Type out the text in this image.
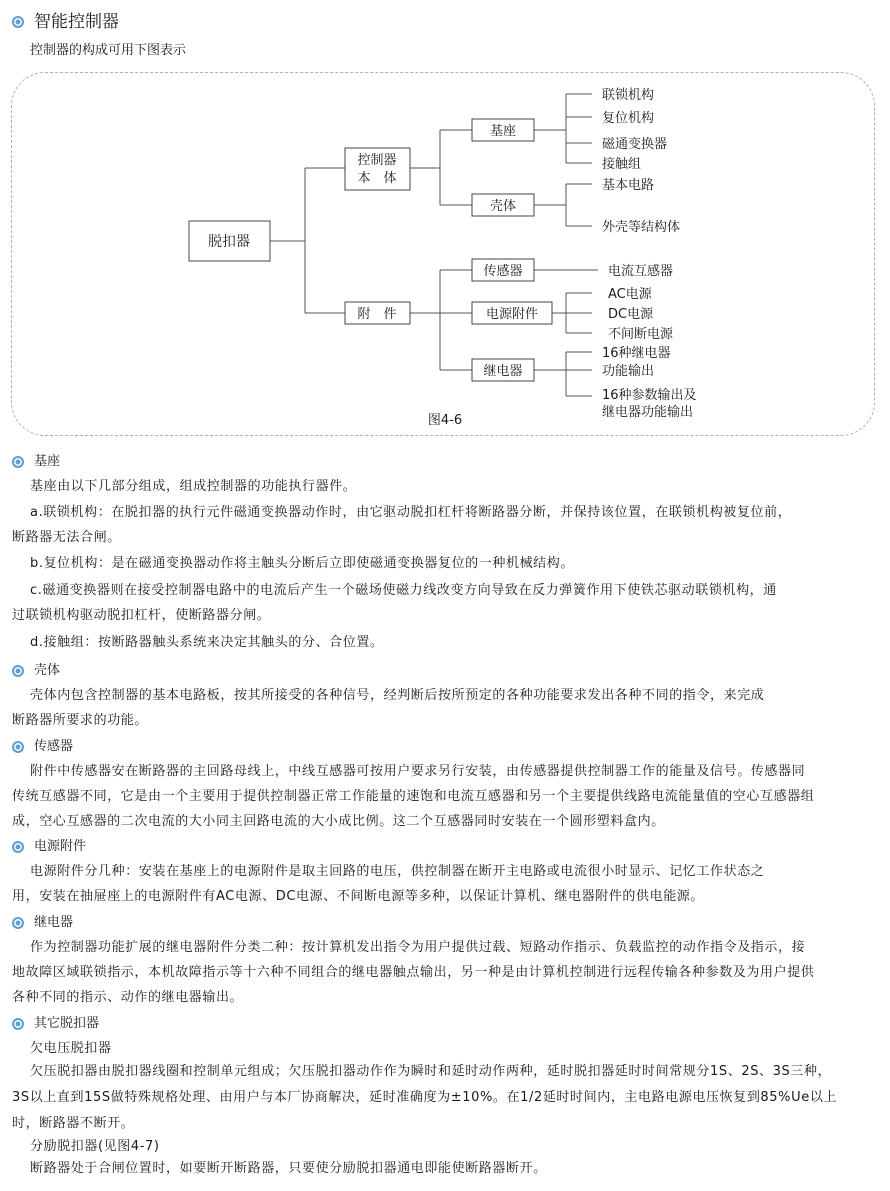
智能控制器
控制器的构成可用下图表示
脱扣器
控制器
本　体
附　件
基座
壳体
传感器
电源附件
继电器
联锁机构
复位机构
磁通变换器
接触组
基本电路
外壳等结构体
电流互感器
AC电源
DC电源
不间断电源
16种继电器
功能输出
16种参数输出及
继电器功能输出
图4-6
基座
基座由以下几部分组成，组成控制器的功能执行器件。
a.联锁机构：在脱扣器的执行元件磁通变换器动作时，由它驱动脱扣杠杆将断路器分断，并保持该位置，在联锁机构被复位前，
断路器无法合闸。
b.复位机构：是在磁通变换器动作将主触头分断后立即使磁通变换器复位的一种机械结构。
c.磁通变换器则在接受控制器电路中的电流后产生一个磁场使磁力线改变方向导致在反力弹簧作用下使铁芯驱动联锁机构，通
过联锁机构驱动脱扣杠杆，使断路器分闸。
d.接触组：按断路器触头系统来决定其触头的分、合位置。
壳体
壳体内包含控制器的基本电路板，按其所接受的各种信号，经判断后按所预定的各种功能要求发出各种不同的指令，来完成
断路器所要求的功能。
传感器
附件中传感器安在断路器的主回路母线上，中线互感器可按用户要求另行安装，由传感器提供控制器工作的能量及信号。传感器同
传统互感器不同，它是由一个主要用于提供控制器正常工作能量的速饱和电流互感器和另一个主要提供线路电流能量值的空心互感器组
成，空心互感器的二次电流的大小同主回路电流的大小成比例。这二个互感器同时安装在一个圆形塑料盒内。
电源附件
电源附件分几种：安装在基座上的电源附件是取主回路的电压，供控制器在断开主电路或电流很小时显示、记忆工作状态之
用，安装在抽屉座上的电源附件有AC电源、DC电源、不间断电源等多种，以保证计算机、继电器附件的供电能源。
继电器
作为控制器功能扩展的继电器附件分类二种：按计算机发出指令为用户提供过载、短路动作指示、负载监控的动作指令及指示，接
地故障区域联锁指示，本机故障指示等十六种不同组合的继电器触点输出，另一种是由计算机控制进行远程传输各种参数及为用户提供
各种不同的指示、动作的继电器输出。
其它脱扣器
欠电压脱扣器
欠压脱扣器由脱扣器线圈和控制单元组成；欠压脱扣器动作作为瞬时和延时动作两种，延时脱扣器延时时间常规分1S、2S、3S三种，
3S以上直到15S做特殊规格处理、由用户与本厂协商解决，延时准确度为±10%。在1/2延时时间内，主电路电源电压恢复到85%Ue以上
时，断路器不断开。
分励脱扣器(见图4-7)
断路器处于合闸位置时，如要断开断路器，只要使分励脱扣器通电即能使断路器断开。
